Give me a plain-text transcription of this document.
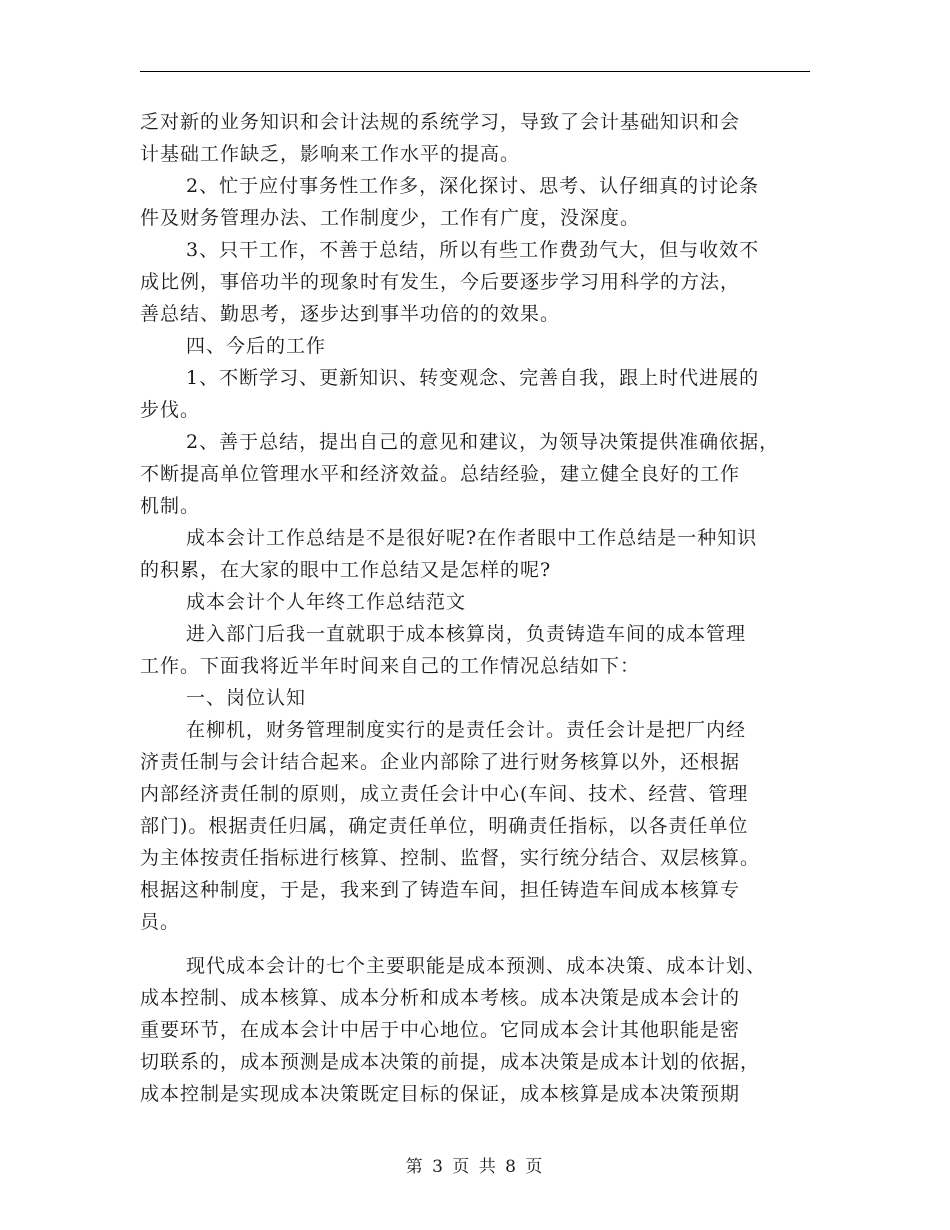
乏对新的业务知识和会计法规的系统学习，导致了会计基础知识和会
计基础工作缺乏，影响来工作水平的提高。
2、忙于应付事务性工作多，深化探讨、思考、认仔细真的讨论条
件及财务管理办法、工作制度少，工作有广度，没深度。
3、只干工作，不善于总结，所以有些工作费劲气大，但与收效不
成比例，事倍功半的现象时有发生，今后要逐步学习用科学的方法，
善总结、勤思考，逐步达到事半功倍的的效果。
四、今后的工作
1、不断学习、更新知识、转变观念、完善自我，跟上时代进展的
步伐。
2、善于总结，提出自己的意见和建议，为领导决策提供准确依据，
不断提高单位管理水平和经济效益。总结经验，建立健全良好的工作
机制。
成本会计工作总结是不是很好呢?在作者眼中工作总结是一种知识
的积累，在大家的眼中工作总结又是怎样的呢?
成本会计个人年终工作总结范文
进入部门后我一直就职于成本核算岗，负责铸造车间的成本管理
工作。下面我将近半年时间来自己的工作情况总结如下：
一、岗位认知
在柳机，财务管理制度实行的是责任会计。责任会计是把厂内经
济责任制与会计结合起来。企业内部除了进行财务核算以外，还根据
内部经济责任制的原则，成立责任会计中心(车间、技术、经营、管理
部门)。根据责任归属，确定责任单位，明确责任指标，以各责任单位
为主体按责任指标进行核算、控制、监督，实行统分结合、双层核算。
根据这种制度，于是，我来到了铸造车间，担任铸造车间成本核算专
员。
现代成本会计的七个主要职能是成本预测、成本决策、成本计划、
成本控制、成本核算、成本分析和成本考核。成本决策是成本会计的
重要环节，在成本会计中居于中心地位。它同成本会计其他职能是密
切联系的，成本预测是成本决策的前提，成本决策是成本计划的依据，
成本控制是实现成本决策既定目标的保证，成本核算是成本决策预期
第 3 页 共 8 页
